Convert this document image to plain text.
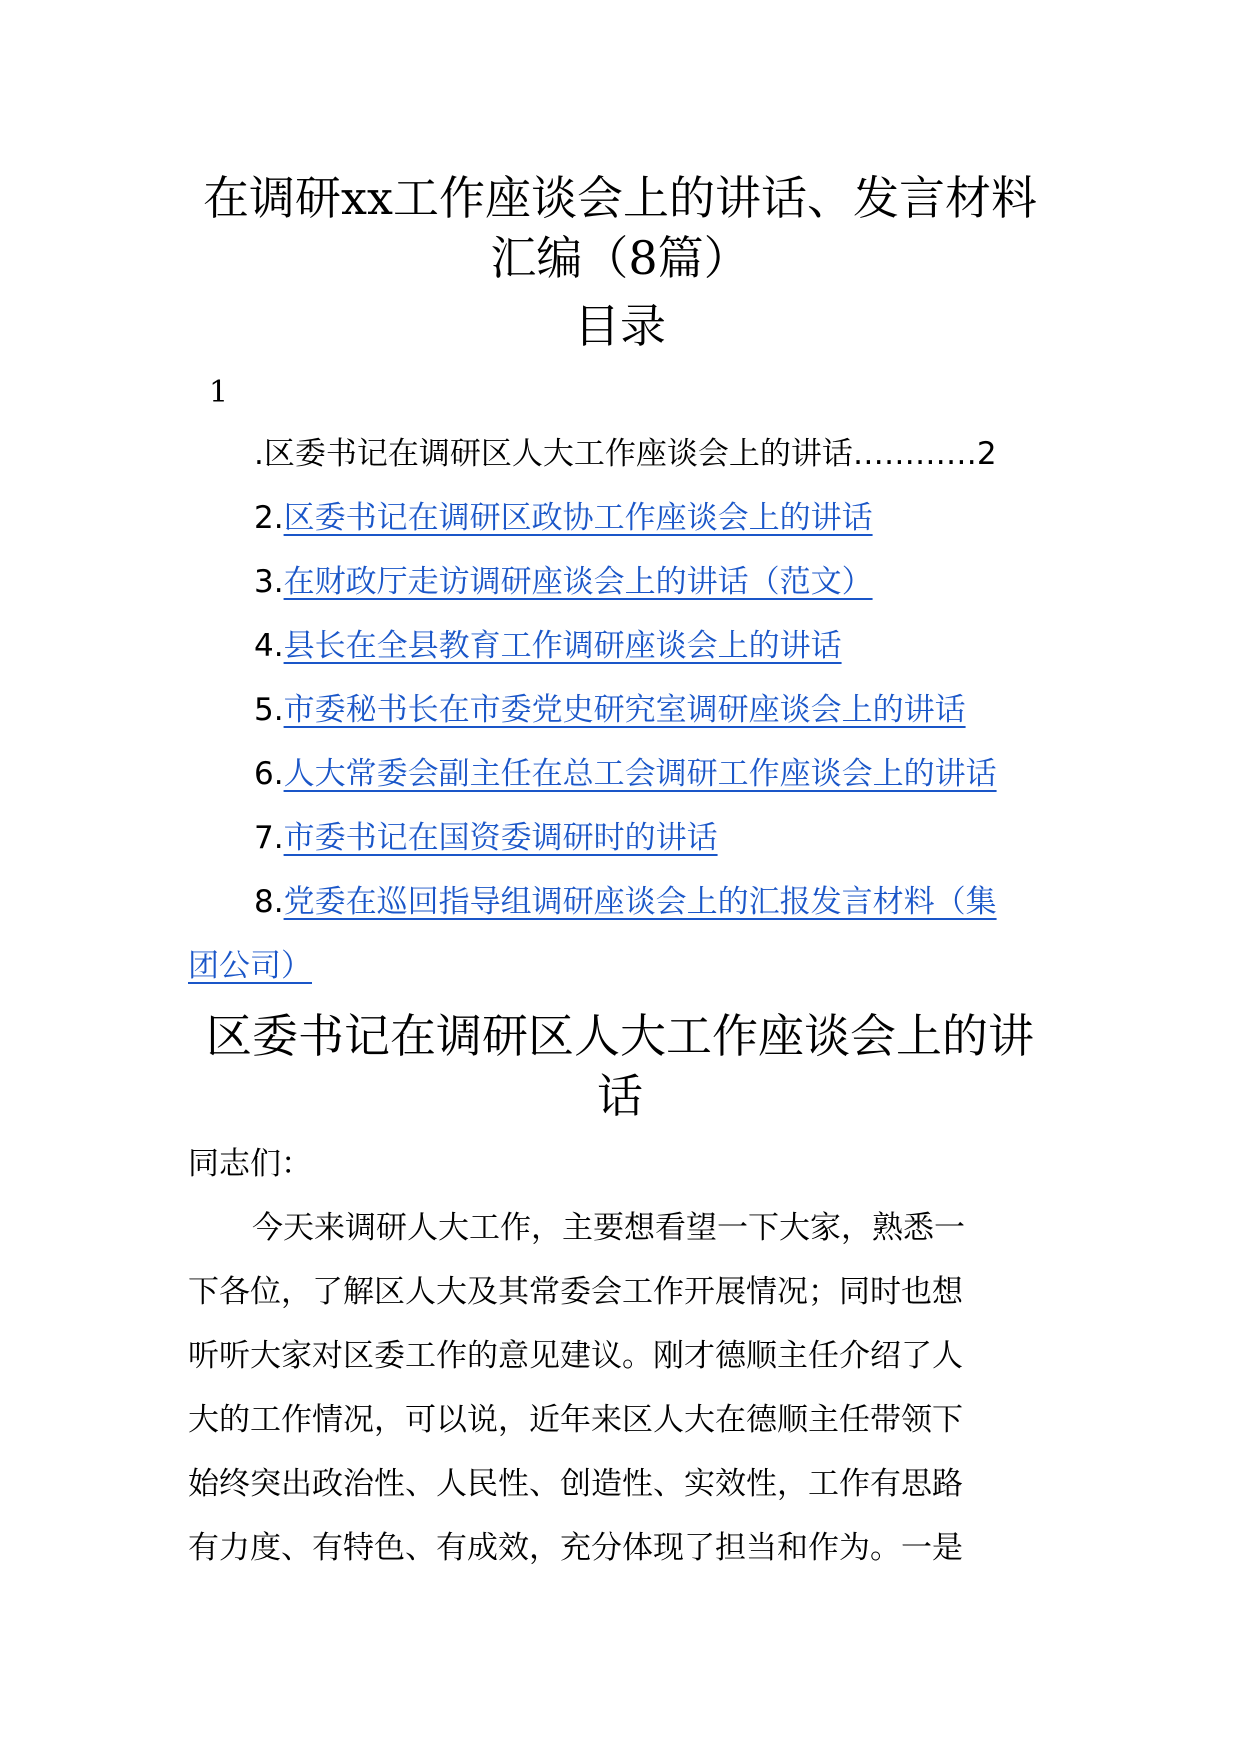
在调研xx工作座谈会上的讲话、发言材料
汇编（8篇）
目录
1
.区委书记在调研区人大工作座谈会上的讲话…………2
2.区委书记在调研区政协工作座谈会上的讲话
3.在财政厅走访调研座谈会上的讲话（范文）
4.县长在全县教育工作调研座谈会上的讲话
5.市委秘书长在市委党史研究室调研座谈会上的讲话
6.人大常委会副主任在总工会调研工作座谈会上的讲话
7.市委书记在国资委调研时的讲话
8.党委在巡回指导组调研座谈会上的汇报发言材料（集
团公司）
区委书记在调研区人大工作座谈会上的讲
话
同志们：
今天来调研人大工作，主要想看望一下大家，熟悉一
下各位，了解区人大及其常委会工作开展情况；同时也想
听听大家对区委工作的意见建议。刚才德顺主任介绍了人
大的工作情况，可以说，近年来区人大在德顺主任带领下
始终突出政治性、人民性、创造性、实效性，工作有思路
有力度、有特色、有成效，充分体现了担当和作为。一是
